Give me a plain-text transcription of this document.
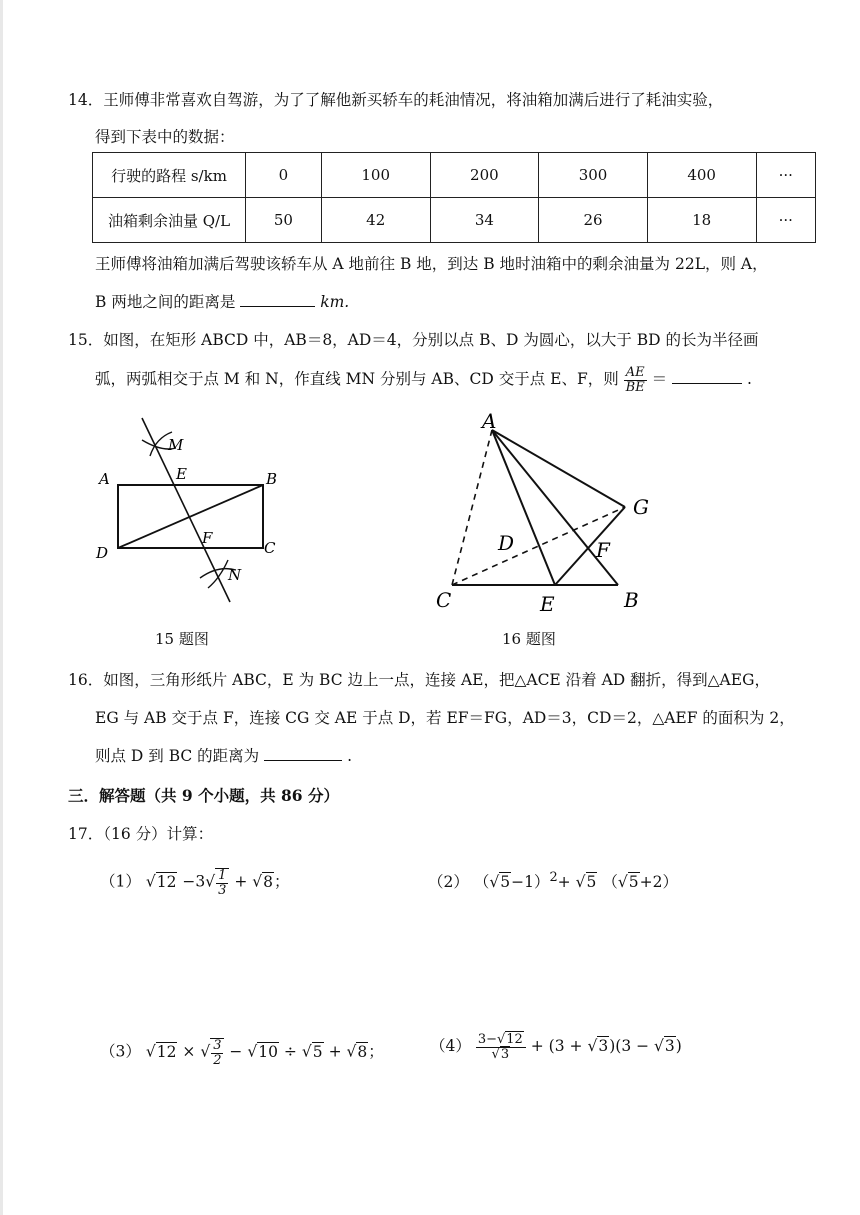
14．王师傅非常喜欢自驾游，为了了解他新买轿车的耗油情况，将油箱加满后进行了耗油实验，
得到下表中的数据：
行驶的路程 s/km	0	100	200	300	400	···
油箱剩余油量 Q/L	50	42	34	26	18	···
王师傅将油箱加满后驾驶该轿车从 A 地前往 B 地，到达 B 地时油箱中的剩余油量为 22L，则 A，
B 两地之间的距离是	km.
15．如图，在矩形 ABCD 中，AB＝8，AD＝4，分别以点 B、D 为圆心，以大于 BD 的长为半径画
弧，两弧相交于点 M 和 N，作直线 MN 分别与 AB、CD 交于点 E、F，则 $\frac{AE}{BE}$ ＝	.
A	B
C
D
E
F
M
N
15 题图
A
B
C
D
E
F
G
16 题图
16．如图，三角形纸片 ABC，E 为 BC 边上一点，连接 AE，把△ACE 沿着 AD 翻折，得到△AEG，
EG 与 AB 交于点 F，连接 CG 交 AE 于点 D，若 EF＝FG，AD＝3，CD＝2，△AEF 的面积为 2，
则点 D 到 BC 的距离为	.
三．解答题（共 9 个小题，共 86 分）
17．（16 分）计算：
（1） $√12 -3√ \frac{1}{3} + √8$；	（2） $(√5-1)^2+ √5$ （√5+2）
（3） √12 × √ $\frac{3}{2} - √10 \div √5 + √8$；	$(4) \frac{3-√12}{√3} + (3 + √3)(3 - √3)$
